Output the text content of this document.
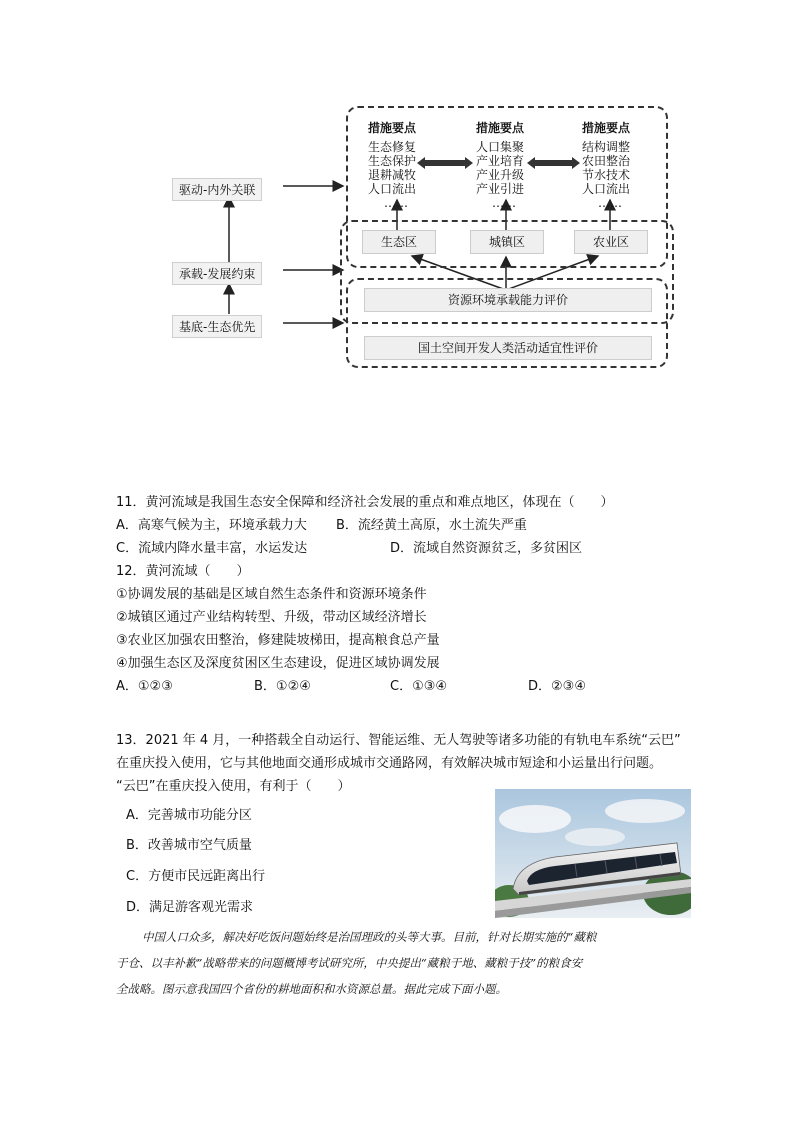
驱动-内外关联
承载-发展约束
基底-生态优先
措施要点
生态修复
生态保护
退耕减牧
人口流出
……
措施要点
人口集聚
产业培育
产业升级
产业引进
……
措施要点
结构调整
农田整治
节水技术
人口流出
……
生态区	城镇区	农业区
资源环境承载能力评价
国土空间开发人类活动适宜性评价
11．黄河流域是我国生态安全保障和经济社会发展的重点和难点地区，体现在（　　）
A．高寒气候为主，环境承载力大 B．流经黄土高原，水土流失严重
C．流域内降水量丰富，水运发达	D．流域自然资源贫乏，多贫困区
12．黄河流域（　　）
①协调发展的基础是区域自然生态条件和资源环境条件
②城镇区通过产业结构转型、升级，带动区域经济增长
③农业区加强农田整治，修建陡坡梯田，提高粮食总产量
④加强生态区及深度贫困区生态建设，促进区域协调发展
A．①②③	B．①②④	C．①③④	D．②③④
13．2021 年 4 月，一种搭载全自动运行、智能运维、无人驾驶等诸多功能的有轨电车系统“云巴”
在重庆投入使用，它与其他地面交通形成城市交通路网，有效解决城市短途和小运量出行问题。
“云巴”在重庆投入使用，有利于（　　）
A．完善城市功能分区
B．改善城市空气质量
C．方便市民远距离出行
D．满足游客观光需求
中国人口众多，解决好吃饭问题始终是治国理政的头等大事。目前，针对长期实施的“藏粮
于仓、以丰补歉”战略带来的问题概博考试研究所，中央提出“藏粮于地、藏粮于技”的粮食安
全战略。图示意我国四个省份的耕地面积和水资源总量。据此完成下面小题。
